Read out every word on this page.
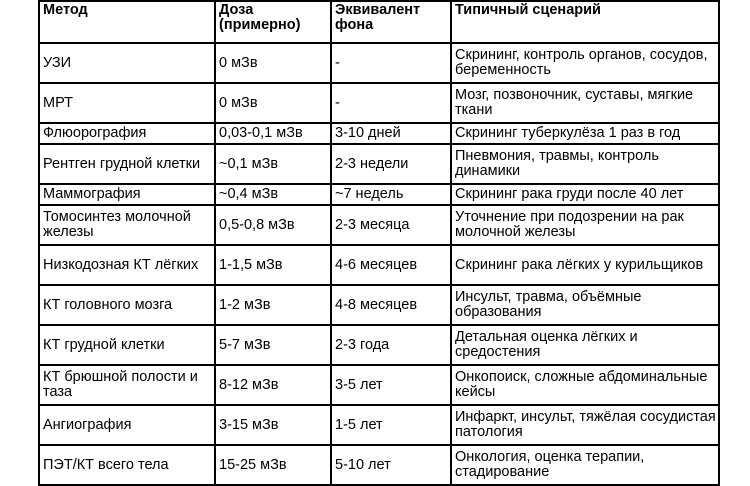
Метод	Доза (примерно)	Эквивалент фона	Типичный сценарий
УЗИ	0 мЗв	-	Скрининг, контроль органов, сосудов, беременность
МРТ	0 мЗв	-	Мозг, позвоночник, суставы, мягкие ткани
Флюорография	0,03-0,1 мЗв	3-10 дней	Скрининг туберкулёза 1 раз в год
Рентген грудной клетки	~0,1 мЗв	2-3 недели	Пневмония, травмы, контроль динамики
Маммография	~0,4 мЗв	~7 недель	Скрининг рака груди после 40 лет
Томосинтез молочной железы	0,5-0,8 мЗв	2-3 месяца	Уточнение при подозрении на рак молочной железы
Низкодозная КТ лёгких	1-1,5 мЗв	4-6 месяцев	Скрининг рака лёгких у курильщиков
КТ головного мозга	1-2 мЗв	4-8 месяцев	Инсульт, травма, объёмные образования
КТ грудной клетки	5-7 мЗв	2-3 года	Детальная оценка лёгких и средостения
КТ брюшной полости и таза	8-12 мЗв	3-5 лет	Онкопоиск, сложные абдоминальные кейсы
Ангиография	3-15 мЗв	1-5 лет	Инфаркт, инсульт, тяжёлая сосудистая патология
ПЭТ/КТ всего тела	15-25 мЗв	5-10 лет	Онкология, оценка терапии, стадирование
